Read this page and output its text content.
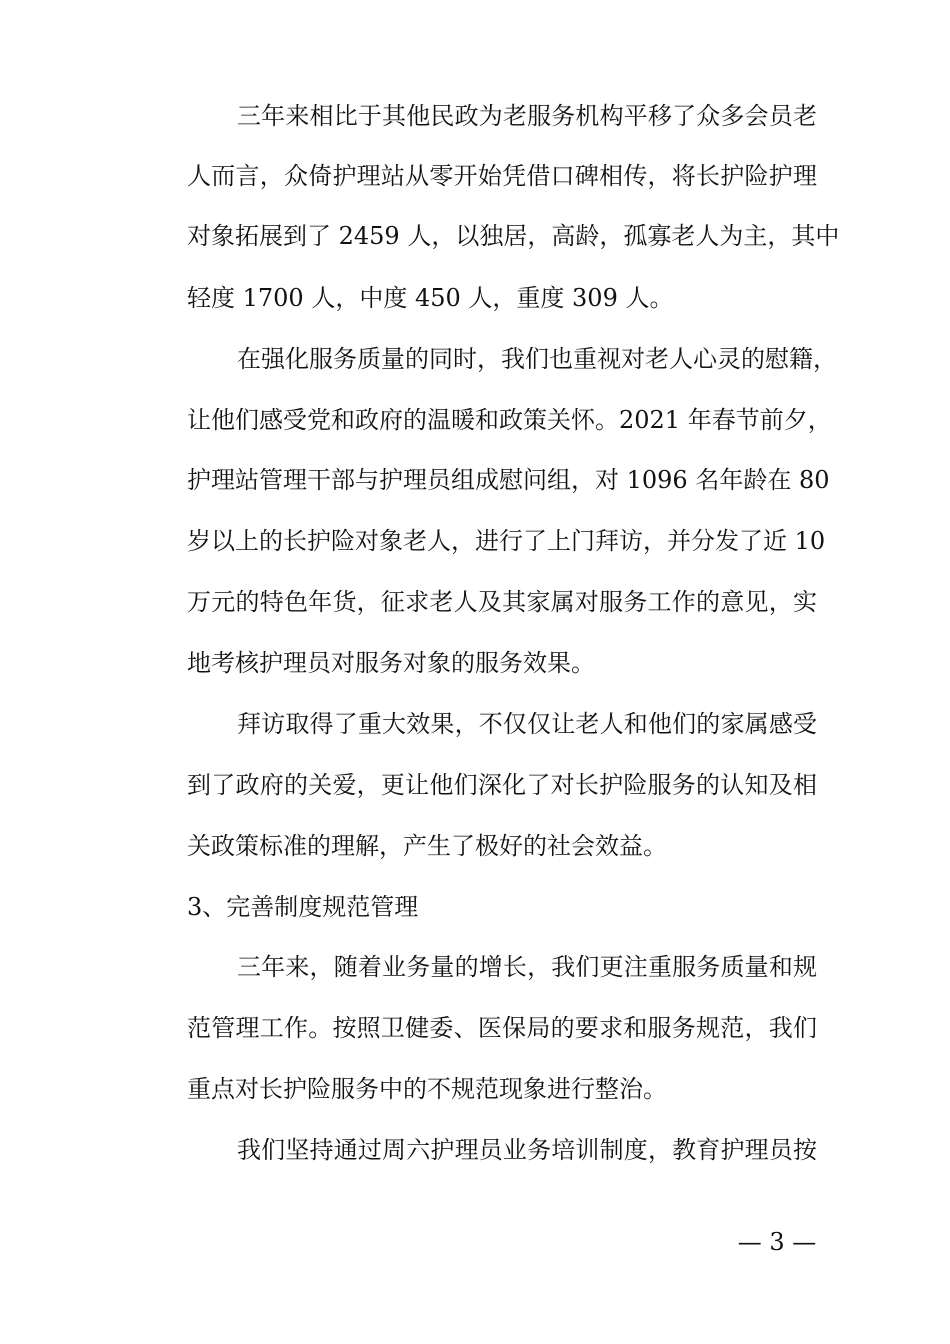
三年来相比于其他民政为老服务机构平移了众多会员老
人而言，众倚护理站从零开始凭借口碑相传，将长护险护理
对象拓展到了 2459 人，以独居，高龄，孤寡老人为主，其中
轻度 1700 人，中度 450 人，重度 309 人。
在强化服务质量的同时，我们也重视对老人心灵的慰籍，
让他们感受党和政府的温暖和政策关怀。2021 年春节前夕，
护理站管理干部与护理员组成慰问组，对 1096 名年龄在 80
岁以上的长护险对象老人，进行了上门拜访，并分发了近 10
万元的特色年货，征求老人及其家属对服务工作的意见，实
地考核护理员对服务对象的服务效果。
拜访取得了重大效果，不仅仅让老人和他们的家属感受
到了政府的关爱，更让他们深化了对长护险服务的认知及相
关政策标准的理解，产生了极好的社会效益。
3、完善制度规范管理
三年来，随着业务量的增长，我们更注重服务质量和规
范管理工作。按照卫健委、医保局的要求和服务规范，我们
重点对长护险服务中的不规范现象进行整治。
我们坚持通过周六护理员业务培训制度，教育护理员按
— 3 —
